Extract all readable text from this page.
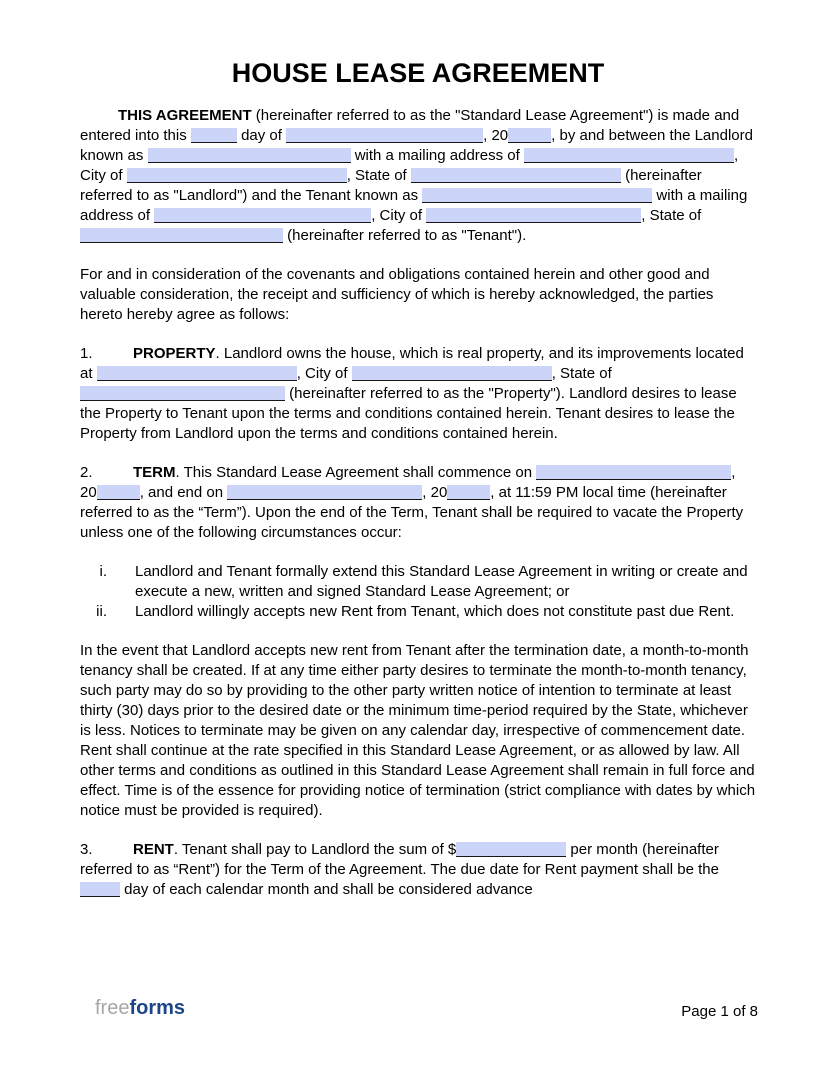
HOUSE LEASE AGREEMENT

THIS AGREEMENT (hereinafter referred to as the "Standard Lease Agreement") is made and entered into this	day of	, 20	, by and between the Landlord known as	with a mailing address of	, City of	, State of	(hereinafter referred to as "Landlord") and the Tenant known as	with a mailing address of	, City of	, State of  (hereinafter referred to as "Tenant").

For and in consideration of the covenants and obligations contained herein and other good and valuable consideration, the receipt and sufficiency of which is hereby acknowledged, the parties hereto hereby agree as follows:

1.	PROPERTY. Landlord owns the house, which is real property, and its improvements located at	, City of	, State of  (hereinafter referred to as the "Property"). Landlord desires to lease the Property to Tenant upon the terms and conditions contained herein. Tenant desires to lease the Property from Landlord upon the terms and conditions contained herein.

2.	TERM. This Standard Lease Agreement shall commence on	, 20	, and end on	, 20	, at 11:59 PM local time (hereinafter referred to as the “Term”). Upon the end of the Term, Tenant shall be required to vacate the Property unless one of the following circumstances occur:

i. Landlord and Tenant formally extend this Standard Lease Agreement in writing or create and execute a new, written and signed Standard Lease Agreement; or
ii. Landlord willingly accepts new Rent from Tenant, which does not constitute past due Rent.

In the event that Landlord accepts new rent from Tenant after the termination date, a month-to-month tenancy shall be created. If at any time either party desires to terminate the month-to-month tenancy, such party may do so by providing to the other party written notice of intention to terminate at least thirty (30) days prior to the desired date or the minimum time-period required by the State, whichever is less. Notices to terminate may be given on any calendar day, irrespective of commencement date. Rent shall continue at the rate specified in this Standard Lease Agreement, or as allowed by law. All other terms and conditions as outlined in this Standard Lease Agreement shall remain in full force and effect. Time is of the essence for providing notice of termination (strict compliance with dates by which notice must be provided is required).

3.	RENT. Tenant shall pay to Landlord the sum of $	per month (hereinafter referred to as “Rent”) for the Term of the Agreement. The due date for Rent payment shall be the  day of each calendar month and shall be considered advance

freeforms	Page 1 of 8
